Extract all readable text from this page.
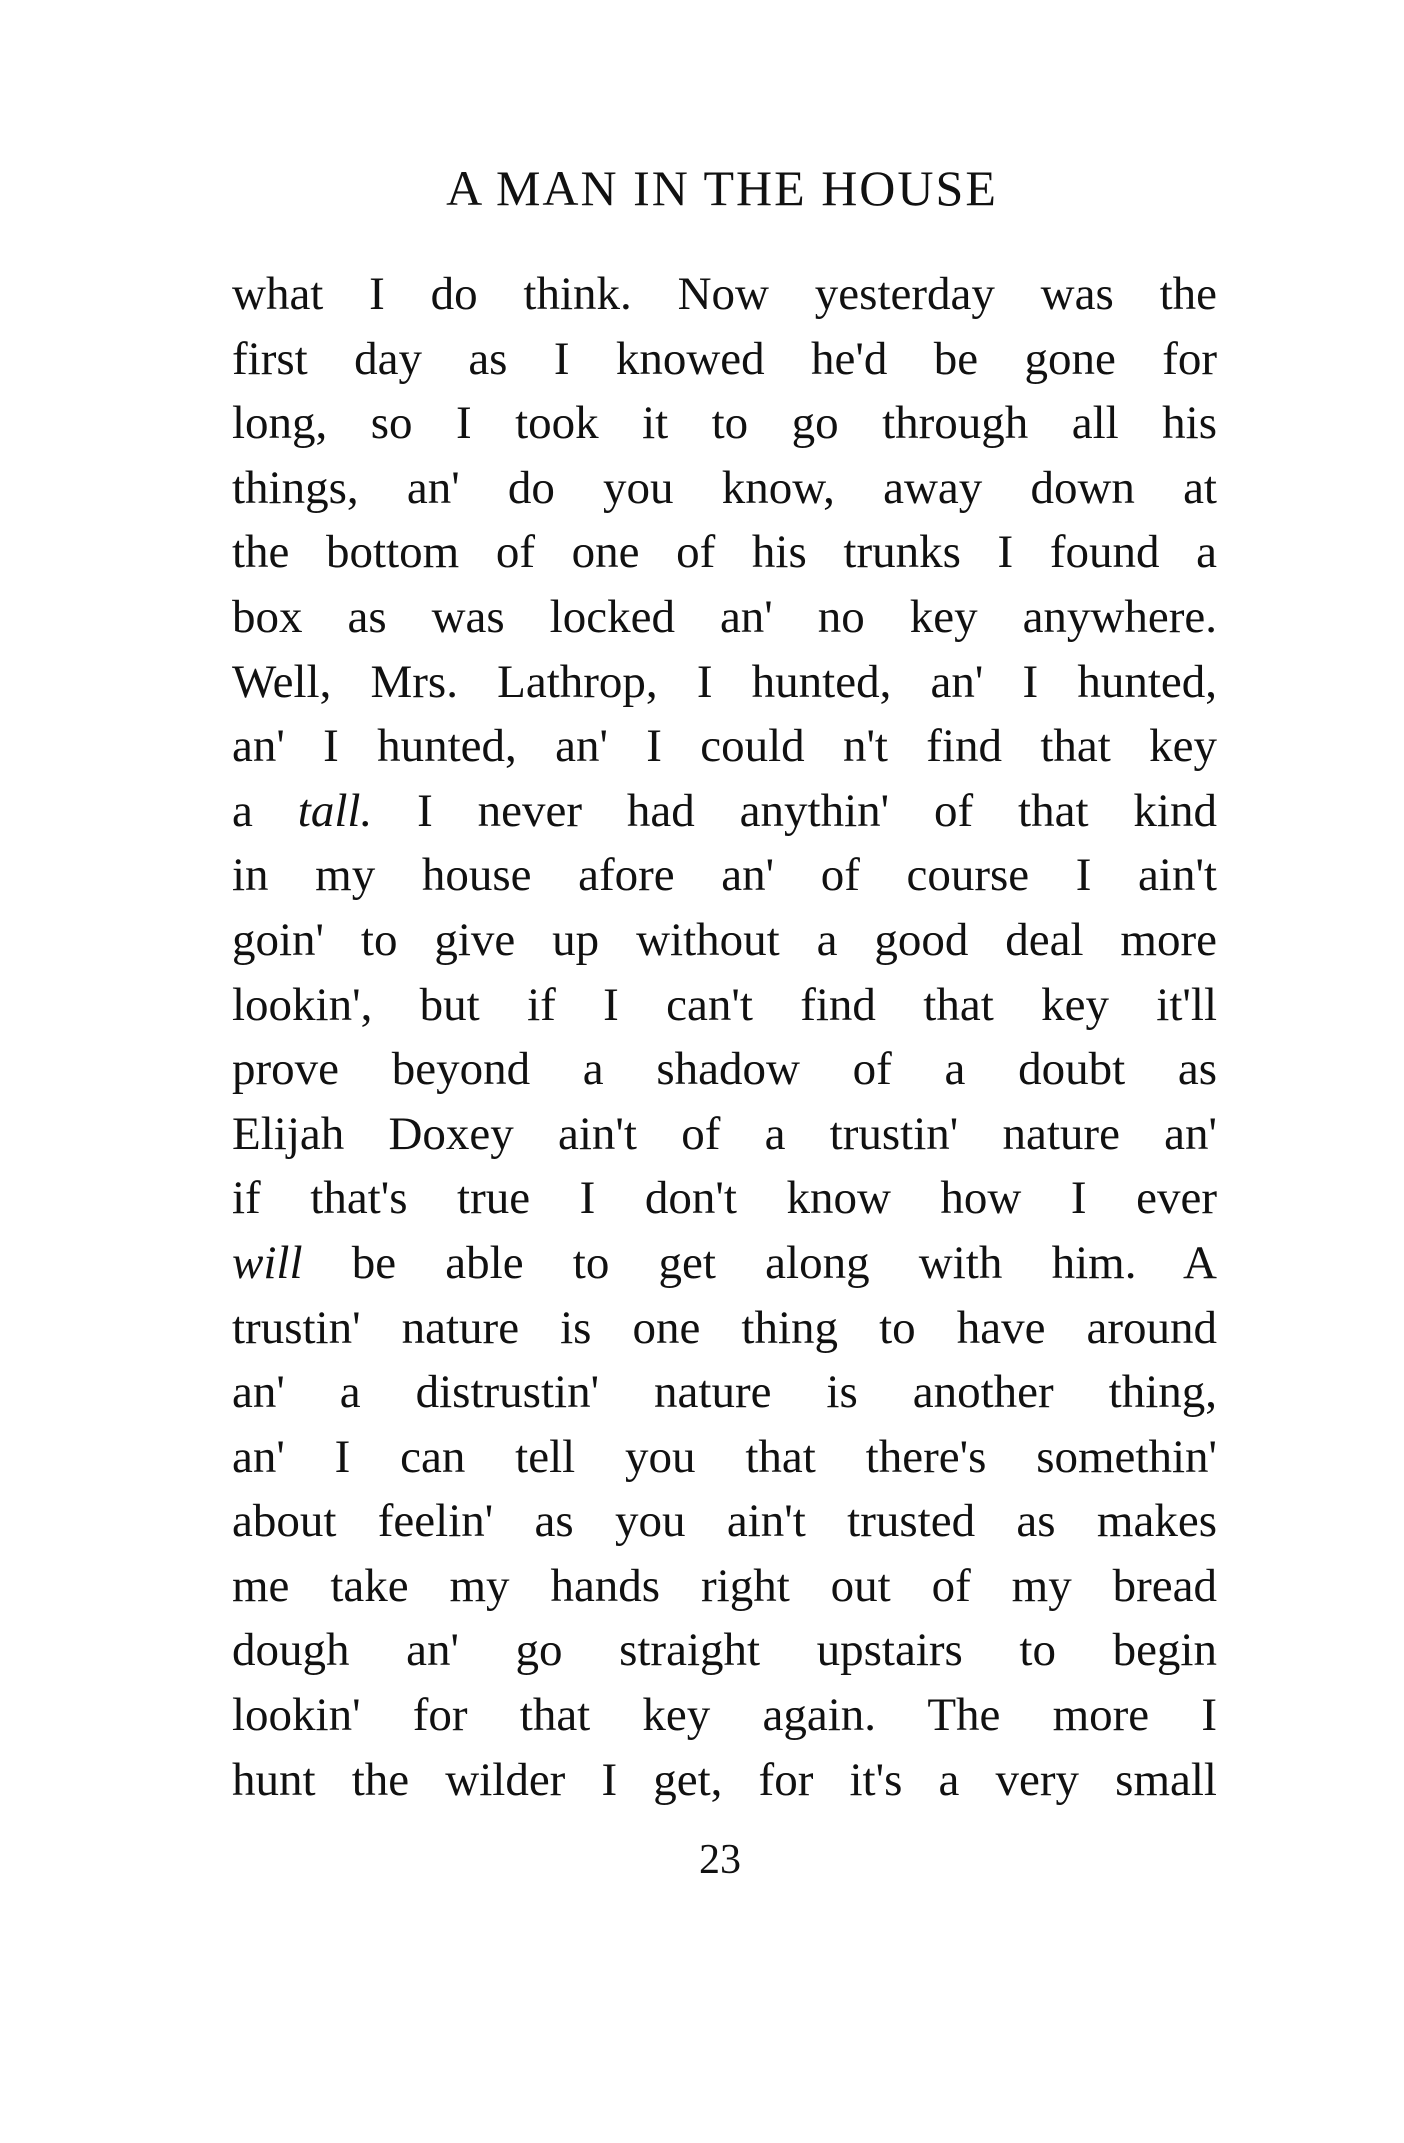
A MAN IN THE HOUSE
what I do think. Now yesterday was the
first day as I knowed he'd be gone for
long, so I took it to go through all his
things, an' do you know, away down at
the bottom of one of his trunks I found a
box as was locked an' no key anywhere.
Well, Mrs. Lathrop, I hunted, an' I hunted,
an' I hunted, an' I could n't find that key
a tall. I never had anythin' of that kind
in my house afore an' of course I ain't
goin' to give up without a good deal more
lookin', but if I can't find that key it'll
prove beyond a shadow of a doubt as
Elijah Doxey ain't of a trustin' nature an'
if that's true I don't know how I ever
will be able to get along with him. A
trustin' nature is one thing to have around
an' a distrustin' nature is another thing,
an' I can tell you that there's somethin'
about feelin' as you ain't trusted as makes
me take my hands right out of my bread
dough an' go straight upstairs to begin
lookin' for that key again. The more I
hunt the wilder I get, for it's a very small
23
